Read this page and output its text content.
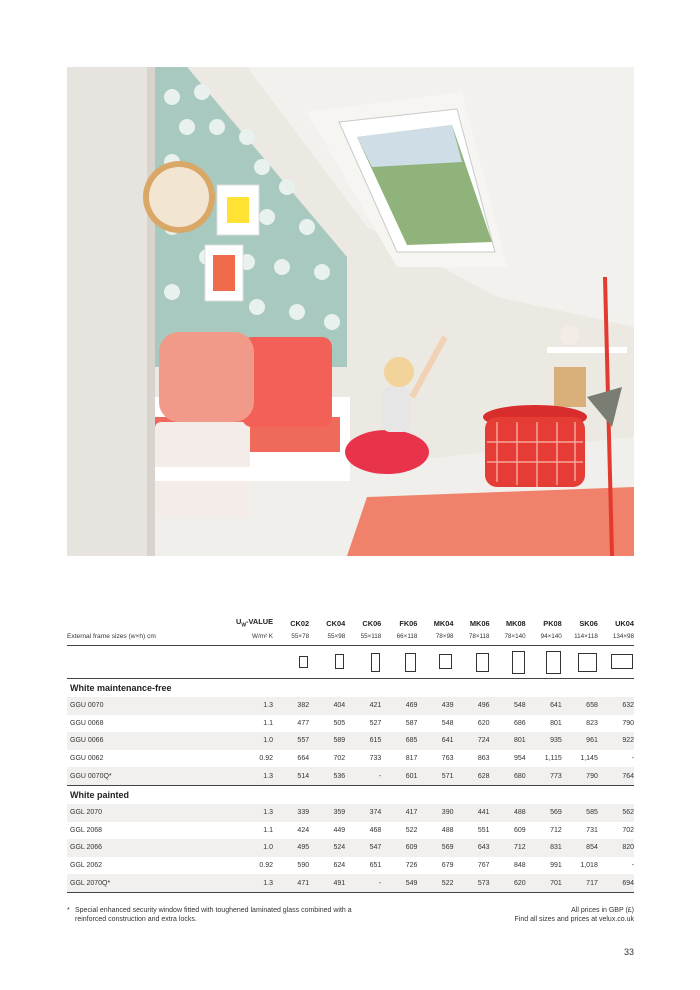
	$U_W$-VALUE	CK02	CK04	CK06	FK06	MK04	MK06	MK08	PK08	SK06	UK04
External frame sizes (w×h) cm	W/m² K	55×78	55×98	55×118	66×118	78×98	78×118	78×140	94×140	114×118	134×98

White maintenance-free											
GGU 0070	1.3	382	404	421	469	439	496	548	641	658	632
GGU 0068	1.1	477	505	527	587	548	620	686	801	823	790
GGU 0066	1.0	557	589	615	685	641	724	801	935	961	922
GGU 0062	0.92	664	702	733	817	763	863	954	1,115	1,145	-
GGU 0070Q*	1.3	514	536	-	601	571	628	680	773	790	764
White painted											
GGL 2070	1.3	339	359	374	417	390	441	488	569	585	562
GGL 2068	1.1	424	449	468	522	488	551	609	712	731	702
GGL 2066	1.0	495	524	547	609	569	643	712	831	854	820
GGL 2062	0.92	590	624	651	726	679	767	848	991	1,018	-
GGL 2070Q*	1.3	471	491	-	549	522	573	620	701	717	694
* Special enhanced security window fitted with toughened laminated glass combined with a reinforced construction and extra locks.
All prices in GBP (£)
Find all sizes and prices at velux.co.uk
33
